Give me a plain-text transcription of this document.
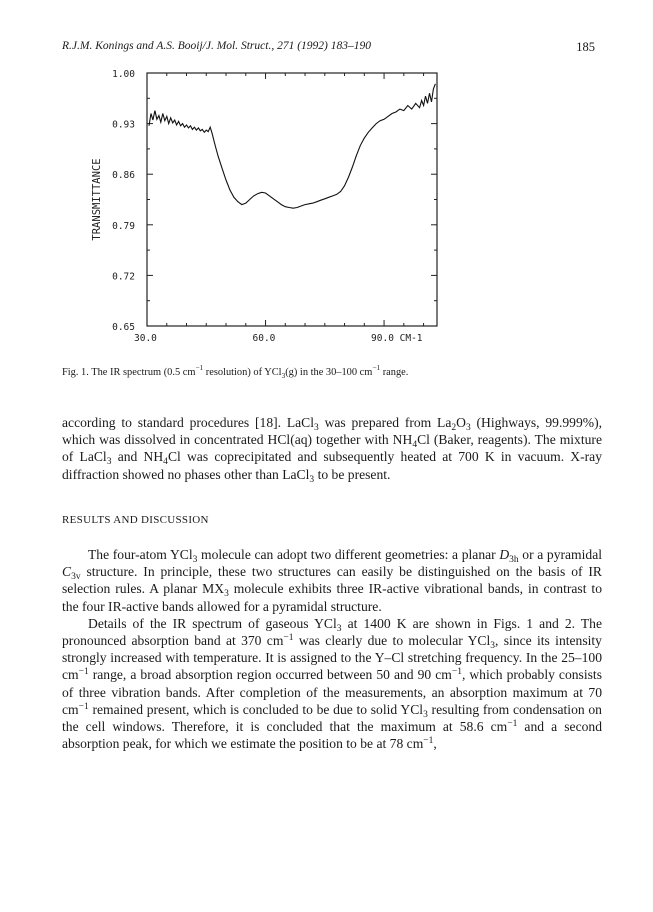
R.J.M. Konings and A.S. Booij/J. Mol. Struct., 271 (1992) 183–190	185
1.00
0.93
0.86
0.79
0.72
0.65
30.0	60.0	90.0 CM-1
TRANSMITTANCE
Fig. 1. The IR spectrum (0.5 $cm^{-1}$ resolution) of YCl$_3$(g) in the 30–100 $cm^{-1}$ range.

according to standard procedures [18]. LaCl$_3$ was prepared from $La_2O_3$ (Highways, 99.999%), which was dissolved in concentrated HCl(aq) together with $NH_4Cl$ (Baker, reagents). The mixture of LaCl$_3$ and $NH_4Cl$ was coprecipitated and subsequently heated at 700 K in vacuum. X-ray diffraction showed no phases other than LaCl$_3$ to be present.

RESULTS AND DISCUSSION

The four-atom YCl$_3$ molecule can adopt two different geometries: a planar $D_{3h}$ or a pyramidal $C_{3v}$ structure. In principle, these two structures can easily be distinguished on the basis of IR selection rules. A planar $MX_3$ molecule exhibits three IR-active vibrational bands, in contrast to the four IR-active bands allowed for a pyramidal structure.

Details of the IR spectrum of gaseous YCl$_3$ at 1400 K are shown in Figs. 1 and 2. The pronounced absorption band at 370 $cm^{-1}$ was clearly due to molecular YCl$_3$, since its intensity strongly increased with temperature. It is assigned to the Y–Cl stretching frequency. In the 25–100 $cm^{-1}$ range, a broad absorption region occurred between 50 and 90 $cm^{-1}$, which probably consists of three vibration bands. After completion of the measurements, an absorption maximum at 70 $cm^{-1}$ remained present, which is concluded to be due to solid YCl$_3$ resulting from condensation on the cell windows. Therefore, it is concluded that the maximum at 58.6 $cm^{-1}$ and a second absorption peak, for which we estimate the position to be at 78 $cm^{-1}$,
